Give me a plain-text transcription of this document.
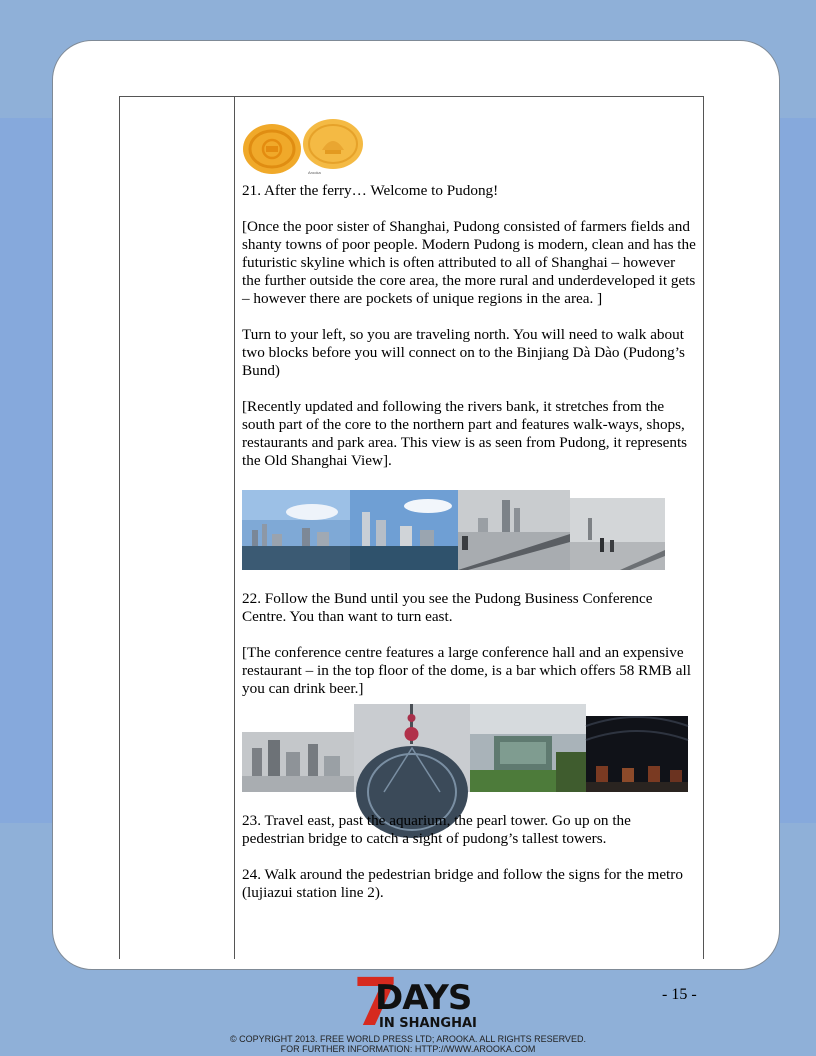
Arooka

21. After the ferry… Welcome to Pudong!

[Once the poor sister of Shanghai, Pudong consisted of farmers fields and shanty towns of poor people. Modern Pudong is modern, clean and has the futuristic skyline which is often attributed to all of Shanghai – however the further outside the core area, the more rural and underdeveloped it gets – however there are pockets of unique regions in the area. ]

Turn to your left, so you are traveling north. You will need to walk about two blocks before you will connect on to the Binjiang Dà Dào (Pudong’s Bund)

[Recently updated and following the rivers bank, it stretches from the south part of the core to the northern part and features walk-ways, shops, restaurants and park area. This view is as seen from Pudong, it represents the Old Shanghai View].

22. Follow the Bund until you see the Pudong Business Conference Centre. You than want to turn east.

[The conference centre features a large conference hall and an expensive restaurant – in the top floor of the dome, is a bar which offers 58 RMB all you can drink beer.]

23. Travel east, past the aquarium, the pearl tower. Go up on the pedestrian bridge to catch a sight of pudong’s tallest towers.

24. Walk around the pedestrian bridge and follow the signs for the metro (lujiazui station line 2).

7
DAYS
IN SHANGHAI
- 15 -
© COPYRIGHT 2013. FREE WORLD PRESS LTD; AROOKA. ALL RIGHTS RESERVED.
FOR FURTHER INFORMATION: HTTP://WWW.AROOKA.COM
